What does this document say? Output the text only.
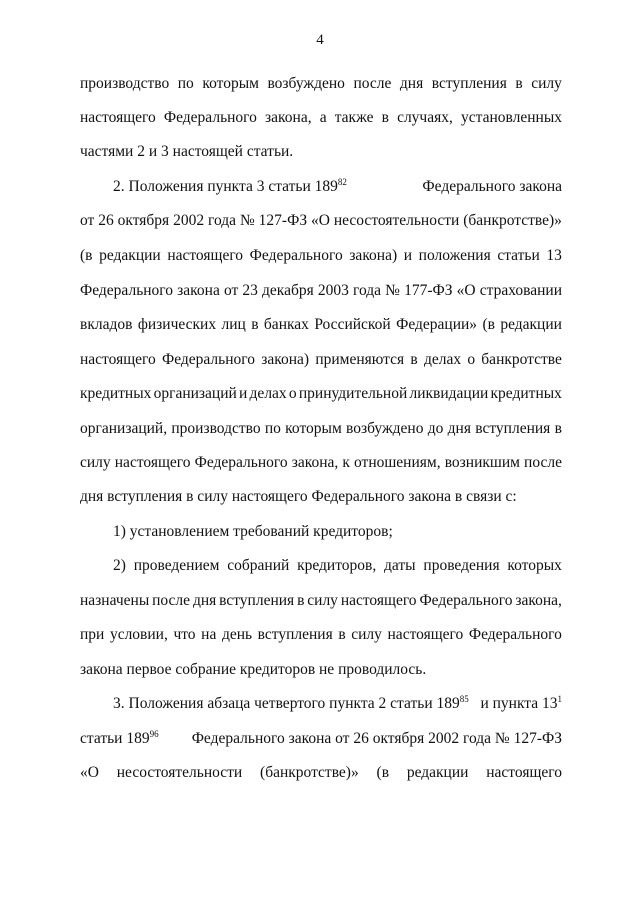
4
производство по которым возбуждено после дня вступления в силу
настоящего Федерального закона, а также в случаях, установленных
частями 2 и 3 настоящей статьи.
2. Положения пункта 3 статьи $189^{82}$	Федерального закона
от 26 октября 2002 года № 127-ФЗ «О несостоятельности (банкротстве)»
(в редакции настоящего Федерального закона) и положения статьи 13
Федерального закона от 23 декабря 2003 года № 177-ФЗ «О страховании
вкладов физических лиц в банках Российской Федерации» (в редакции
настоящего Федерального закона) применяются в делах о банкротстве
кредитных организаций и делах о принудительной ликвидации кредитных
организаций, производство по которым возбуждено до дня вступления в
силу настоящего Федерального закона, к отношениям, возникшим после
дня вступления в силу настоящего Федерального закона в связи с:
1) установлением требований кредиторов;
2) проведением собраний кредиторов, даты проведения которых
назначены после дня вступления в силу настоящего Федерального закона,
при условии, что на день вступления в силу настоящего Федерального
закона первое собрание кредиторов не проводилось.
3. Положения абзаца четвертого пункта 2 статьи $189^{85}$ и пункта $13^1$
статьи $189^{96}$ Федерального закона от 26 октября 2002 года № 127-ФЗ
«О несостоятельности (банкротстве)» (в редакции настоящего
